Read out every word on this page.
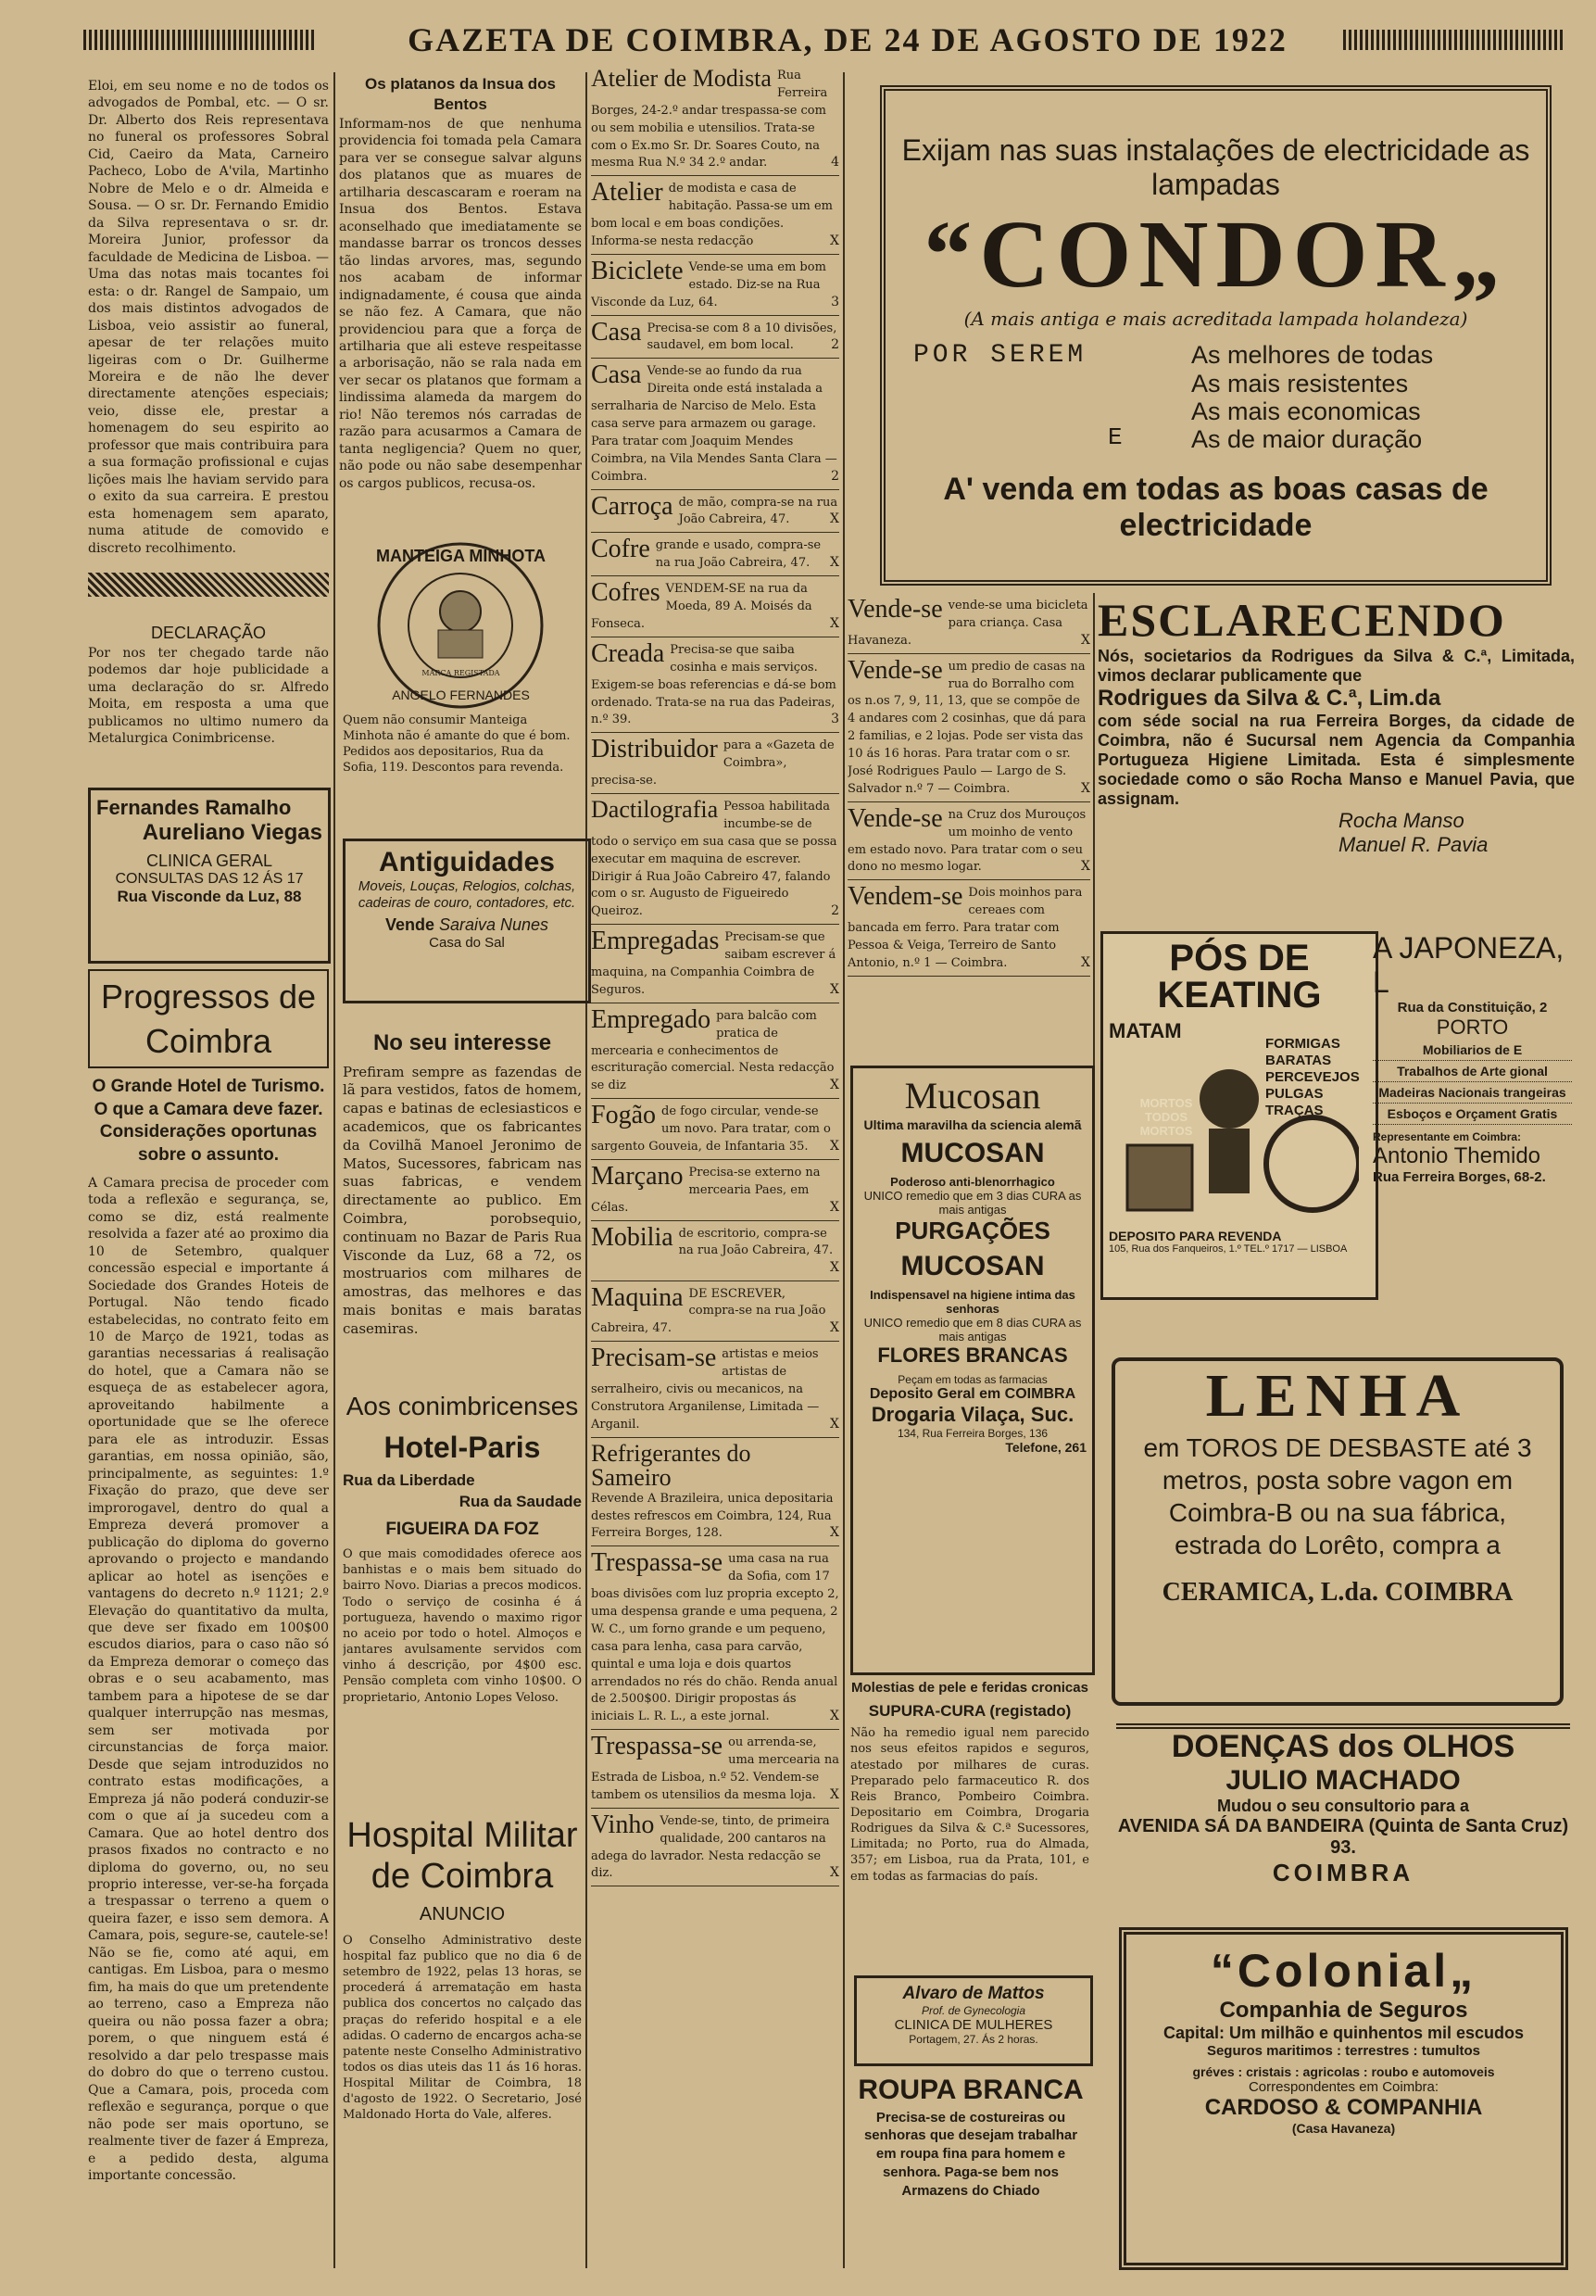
GAZETA DE COIMBRA, DE 24 DE AGOSTO DE 1922

Eloi, em seu nome e no de todos os advogados de Pombal, etc. — O sr. Dr. Alberto dos Reis representava no funeral os professores Sobral Cid, Caeiro da Mata, Carneiro Pacheco, Lobo de A'vila, Martinho Nobre de Melo e o dr. Almeida e Sousa. — O sr. Dr. Fernando Emidio da Silva representava o sr. dr. Moreira Junior, professor da faculdade de Medicina de Lisboa. — Uma das notas mais tocantes foi esta: o dr. Rangel de Sampaio, um dos mais distintos advogados de Lisboa, veio assistir ao funeral, apesar de ter relações muito ligeiras com o Dr. Guilherme Moreira e de não lhe dever directamente atenções especiais; veio, disse ele, prestar a homenagem do seu espirito ao professor que mais contribuira para a sua formação profissional e cujas lições mais lhe haviam servido para o exito da sua carreira. E prestou esta homenagem sem aparato, numa atitude de comovido e discreto recolhimento.

DECLARAÇÃO

Por nos ter chegado tarde não podemos dar hoje publicidade a uma declaração do sr. Alfredo Moita, em resposta a uma que publicamos no ultimo numero da Metalurgica Conimbricense.

Fernandes Ramalho
Aureliano Viegas
CLINICA GERAL
CONSULTAS DAS 12 ÁS 17
Rua Visconde da Luz, 88
Progressos de Coimbra
O Grande Hotel de Turismo. O que a Camara deve fazer. Considerações oportunas sobre o assunto.

A Camara precisa de proceder com toda a reflexão e segurança, se, como se diz, está realmente resolvida a fazer até ao proximo dia 10 de Setembro, qualquer concessão especial e importante á Sociedade dos Grandes Hoteis de Portugal. Não tendo ficado estabelecidas, no contrato feito em 10 de Março de 1921, todas as garantias necessarias á realisação do hotel, que a Camara não se esqueça de as estabelecer agora, aproveitando habilmente a oportunidade que se lhe oferece para ele as introduzir. Essas garantias, em nossa opinião, são, principalmente, as seguintes: 1.º Fixação do prazo, que deve ser improrogavel, dentro do qual a Empreza deverá promover a publicação do diploma do governo aprovando o projecto e mandando aplicar ao hotel as isenções e vantagens do decreto n.º 1121; 2.º Elevação do quantitativo da multa, que deve ser fixado em 100$00 escudos diarios, para o caso não só da Empreza demorar o começo das obras e o seu acabamento, mas tambem para a hipotese de se dar qualquer interrupção nas mesmas, sem ser motivada por circunstancias de força maior. Desde que sejam introduzidos no contrato estas modificações, a Empreza já não poderá conduzir-se com o que aí ja sucedeu com a Camara. Que ao hotel dentro dos prasos fixados no contracto e no diploma do governo, ou, no seu proprio interesse, ver-se-ha forçada a trespassar o terreno a quem o queira fazer, e isso sem demora. A Camara, pois, segure-se, cautele-se! Não se fie, como até aqui, em cantigas. Em Lisboa, para o mesmo fim, ha mais do que um pretendente ao terreno, caso a Empreza não queira ou não possa fazer a obra; porem, o que ninguem está é resolvido a dar pelo trespasse mais do dobro do que o terreno custou. Que a Camara, pois, proceda com reflexão e segurança, porque o que não pode ser mais oportuno, se realmente tiver de fazer á Empreza, e a pedido desta, alguma importante concessão.

Os platanos da Insua dos Bentos

Informam-nos de que nenhuma providencia foi tomada pela Camara para ver se consegue salvar alguns dos platanos que as muares de artilharia descascaram e roeram na Insua dos Bentos. Estava aconselhado que imediatamente se mandasse barrar os troncos desses tão lindas arvores, mas, segundo nos acabam de informar indignadamente, é cousa que ainda se não fez. A Camara, que não providenciou para que a força de artilharia que ali esteve respeitasse a arborisação, não se rala nada em ver secar os platanos que formam a lindissima alameda da margem do rio! Não teremos nós carradas de razão para acusarmos a Camara de tanta negligencia? Quem no quer, não pode ou não sabe desempenhar os cargos publicos, recusa-os.

MANTEIGA MINHOTA
MARCA REGISTADA
ANGELO FERNANDES
Quem não consumir Manteiga Minhota não é amante do que é bom. Pedidos aos depositarios, Rua da Sofia, 119. Descontos para revenda.
Antiguidades
Moveis, Louças, Relogios, colchas, cadeiras de couro, contadores, etc.
Vende Saraiva Nunes
Casa do Sal
No seu interesse

Prefiram sempre as fazendas de lã para vestidos, fatos de homem, capas e batinas de eclesiasticos e academicos, que os fabricantes da Covilhã Manoel Jeronimo de Matos, Sucessores, fabricam nas suas fabricas, e vendem directamente ao publico. Em Coimbra, porobsequio, continuam no Bazar de Paris Rua Visconde da Luz, 68 a 72, os mostruarios com milhares de amostras, das melhores e das mais bonitas e mais baratas casemiras.

Aos conimbricenses
Hotel-Paris
Rua da Liberdade
Rua da Saudade
FIGUEIRA DA FOZ

O que mais comodidades oferece aos banhistas e o mais bem situado do bairro Novo. Diarias a precos modicos. Todo o serviço de cosinha é á portugueza, havendo o maximo rigor no aceio por todo o hotel. Almoços e jantares avulsamente servidos com vinho á descrição, por 4$00 esc. Pensão completa com vinho 10$00. O proprietario, Antonio Lopes Veloso.

Hospital Militar de Coimbra
ANUNCIO

O Conselho Administrativo deste hospital faz publico que no dia 6 de setembro de 1922, pelas 13 horas, se procederá á arrematação em hasta publica dos concertos no calçado das praças do referido hospital e a ele adidas. O caderno de encargos acha-se patente neste Conselho Administrativo todos os dias uteis das 11 ás 16 horas. Hospital Militar de Coimbra, 18 d'agosto de 1922. O Secretario, José Maldonado Horta do Vale, alferes.

Atelier de Modista Rua Ferreira Borges, 24-2.º andar trespassa-se com ou sem mobilia e utensilios. Trata-se com o Ex.mo Sr. Dr. Soares Couto, na mesma Rua N.º 34 2.º andar.	4
Atelier de modista e casa de habitação. Passa-se um em bom local e em boas condições. Informa-se nesta redacção	X
Biciclete Vende-se uma em bom estado. Diz-se na Rua Visconde da Luz, 64.	3
Casa Precisa-se com 8 a 10 divisões, saudavel, em bom local.	2
Casa Vende-se ao fundo da rua Direita onde está instalada a serralharia de Narciso de Melo. Esta casa serve para armazem ou garage. Para tratar com Joaquim Mendes Coimbra, na Vila Mendes Santa Clara — Coimbra.	2
Carroça de mão, compra-se na rua João Cabreira, 47.	X
Cofre grande e usado, compra-se na rua João Cabreira, 47. X
Cofres VENDEM-SE na rua da Moeda, 89 A. Moisés da Fonseca.	X
Creada Precisa-se que saiba cosinha e mais serviços. Exigem-se boas referencias e dá-se bom ordenado. Trata-se na rua das Padeiras, n.º 39.	3
Distribuidor para a «Gazeta de Coimbra», precisa-se.
Dactilografia Pessoa habilitada incumbe-se de todo o serviço em sua casa que se possa executar em maquina de escrever. Dirigir á Rua João Cabreiro 47, falando com o sr. Augusto de Figueiredo Queiroz.	2
Empregadas Precisam-se que saibam escrever á maquina, na Companhia Coimbra de Seguros.	X
Empregado para balcão com pratica de mercearia e conhecimentos de escrituração comercial. Nesta redacção se diz	X
Fogão de fogo circular, vende-se um novo. Para tratar, com o sargento Gouveia, de Infantaria 35. X
Marçano Precisa-se externo na mercearia Paes, em Célas.	X
Mobilia de escritorio, compra-se na rua João Cabreira, 47.
X
Maquina DE ESCREVER, compra-se na rua João Cabreira, 47.	X
Precisam-se artistas e meios artistas de serralheiro, civis ou mecanicos, na Construtora Arganilense, Limitada — Arganil.	X
Refrigerantes do Sameiro
Revende A Brazileira, unica depositaria destes refrescos em Coimbra, 124, Rua Ferreira Borges, 128.	X
Trespassa-se uma casa na rua da Sofia, com 17 boas divisões com luz propria excepto 2, uma despensa grande e uma pequena, 2 W. C., um forno grande e um pequeno, casa para lenha, casa para carvão, quintal e uma loja e dois quartos arrendados no rés do chão. Renda anual de 2.500$00. Dirigir propostas ás iniciais L. R. L., a este jornal.	X
Trespassa-se ou arrenda-se, uma mercearia na Estrada de Lisboa, n.º 52. Vendem-se tambem os utensilios da mesma loja. X
Vinho Vende-se, tinto, de primeira qualidade, 200 cantaros na adega do lavrador. Nesta redacção se diz.	X
Exijam nas suas instalações de electricidade as lampadas
“CONDOR„
(A mais antiga e mais acreditada lampada holandeza)
POR SEREM	As melhores de todas
As mais resistentes
As mais economicas
As de maior duração
E
A' venda em todas as boas casas de electricidade
Vende-se vende-se uma bicicleta para criança. Casa Havaneza.	X
Vende-se um predio de casas na rua do Borralho com os n.os 7, 9, 11, 13, que se compõe de 4 andares com 2 cosinhas, que dá para 2 familias, e 2 lojas. Pode ser vista das 10 ás 16 horas. Para tratar com o sr. José Rodrigues Paulo — Largo de S. Salvador n.º 7 — Coimbra.	X
Vende-se na Cruz dos Murouços um moinho de vento em estado novo. Para tratar com o seu dono no mesmo logar.	X
Vendem-se Dois moinhos para cereaes com bancada em ferro. Para tratar com Pessoa & Veiga, Terreiro de Santo Antonio, n.º 1 — Coimbra.	X
Mucosan
Ultima maravilha da sciencia alemã
MUCOSAN
Poderoso anti-blenorrhagico
UNICO remedio que em 3 dias CURA as mais antigas
PURGAÇÕES
MUCOSAN
Indispensavel na higiene intima das senhoras
UNICO remedio que em 8 dias CURA as mais antigas
FLORES BRANCAS
Peçam em todas as farmacias
Deposito Geral em COIMBRA
Drogaria Vilaça, Suc.
134, Rua Ferreira Borges, 136
Telefone, 261
Molestias de pele e feridas cronicas
SUPURA-CURA (registado)

Não ha remedio igual nem parecido nos seus efeitos rapidos e seguros, atestado por milhares de curas. Preparado pelo farmaceutico R. dos Reis Branco, Pombeiro Coimbra. Depositario em Coimbra, Drogaria Rodrigues da Silva & C.ª Sucessores, Limitada; no Porto, rua do Almada, 357; em Lisboa, rua da Prata, 101, e em todas as farmacias do país.

Alvaro de Mattos
Prof. de Gynecologia
CLINICA DE MULHERES
Portagem, 27. Ás 2 horas.
ROUPA BRANCA

Precisa-se de costureiras ou senhoras que desejam trabalhar em roupa fina para homem e senhora. Paga-se bem nos Armazens do Chiado

ESCLARECENDO
Nós, societarios da Rodrigues da Silva & C.ª, Limitada, vimos declarar publicamente que
Rodrigues da Silva & C.ª, Lim.da
com séde social na rua Ferreira Borges, da cidade de Coimbra, não é Sucursal nem Agencia da Companhia Portugueza Higiene Limitada. Esta é simplesmente sociedade como o são Rocha Manso e Manuel Pavia, que assignam.
Rocha Manso
Manuel R. Pavia
PÓS DE KEATING
MATAM
FORMIGAS BARATAS PERCEVEJOS PULGAS TRAÇAS
MORTOS TODOS MORTOS
DEPOSITO PARA REVENDA
105, Rua dos Fanqueiros, 1.º TEL.º 1717 — LISBOA
A JAPONEZA, L
Rua da Constituição, 2
PORTO
Mobiliarios de E
Trabalhos de Arte gional
Madeiras Nacionais trangeiras
Esboços e Orçament Gratis
Representante em Coimbra:
Antonio Themido
Rua Ferreira Borges, 68-2.
LENHA
em TOROS DE DESBASTE até 3 metros, posta sobre vagon em Coimbra-B ou na sua fábrica, estrada do Lorêto, compra a
CERAMICA, L.da. COIMBRA
DOENÇAS dos OLHOS
JULIO MACHADO
Mudou o seu consultorio para a
AVENIDA SÁ DA BANDEIRA (Quinta de Santa Cruz) 93.
COIMBRA
“Colonial„
Companhia de Seguros
Capital: Um milhão e quinhentos mil escudos
Seguros maritimos : terrestres : tumultos
gréves : cristais : agricolas : roubo e automoveis
Correspondentes em Coimbra:
CARDOSO & COMPANHIA
(Casa Havaneza)
